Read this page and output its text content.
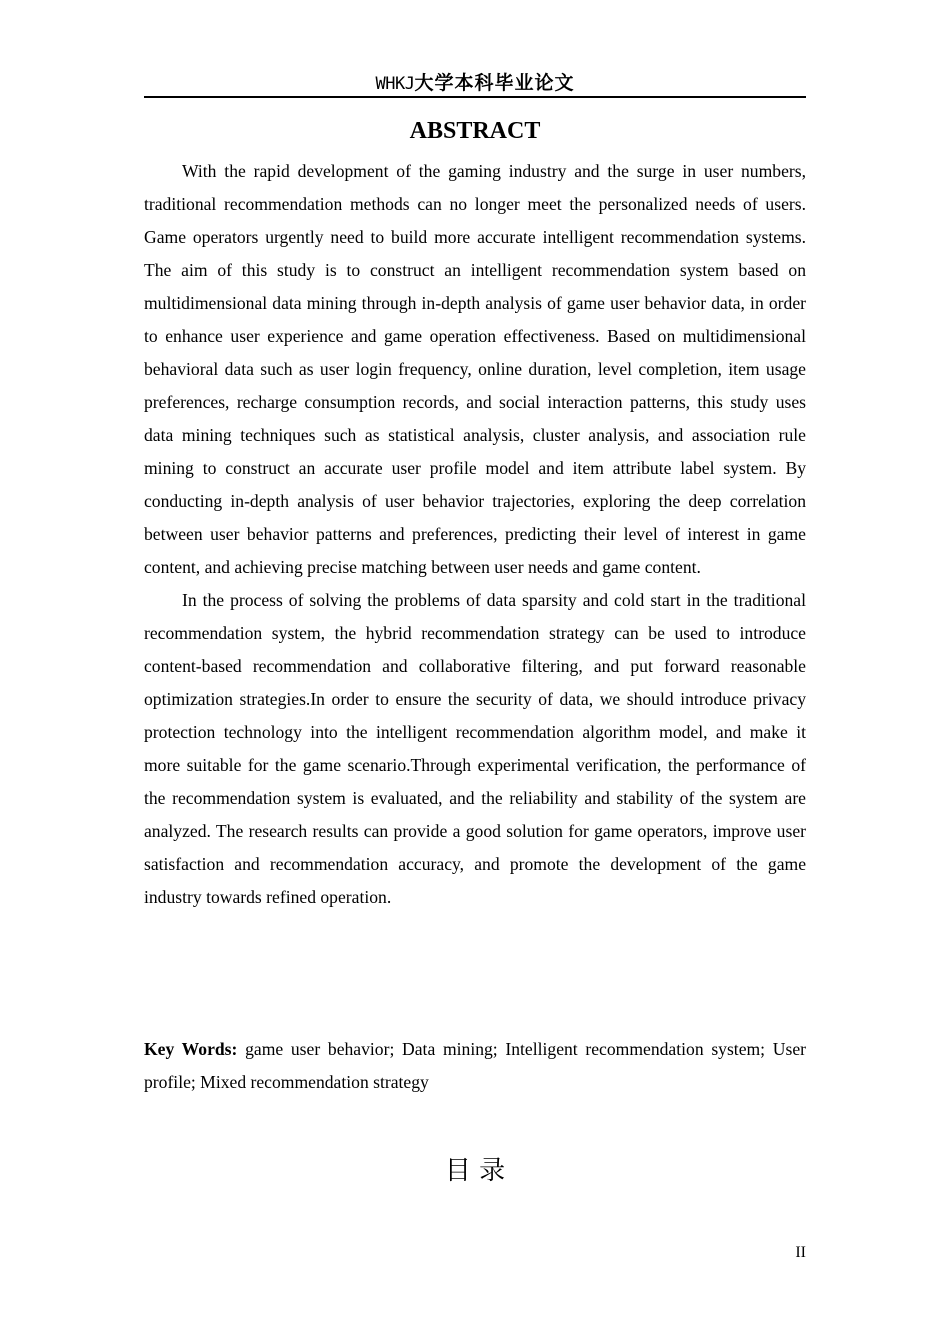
WHKJ大学本科毕业论文
ABSTRACT

With the rapid development of the gaming industry and the surge in user numbers, traditional recommendation methods can no longer meet the personalized needs of users. Game operators urgently need to build more accurate intelligent recommendation systems. The aim of this study is to construct an intelligent recommendation system based on multidimensional data mining through in-depth analysis of game user behavior data, in order to enhance user experience and game operation effectiveness. Based on multidimensional behavioral data such as user login frequency, online duration, level completion, item usage preferences, recharge consumption records, and social interaction patterns, this study uses data mining techniques such as statistical analysis, cluster analysis, and association rule mining to construct an accurate user profile model and item attribute label system. By conducting in-depth analysis of user behavior trajectories, exploring the deep correlation between user behavior patterns and preferences, predicting their level of interest in game content, and achieving precise matching between user needs and game content.

In the process of solving the problems of data sparsity and cold start in the traditional recommendation system, the hybrid recommendation strategy can be used to introduce content-based recommendation and collaborative filtering, and put forward reasonable optimization strategies.In order to ensure the security of data, we should introduce privacy protection technology into the intelligent recommendation algorithm model, and make it more suitable for the game scenario.Through experimental verification, the performance of the recommendation system is evaluated, and the reliability and stability of the system are analyzed. The research results can provide a good solution for game operators, improve user satisfaction and recommendation accuracy, and promote the development of the game industry towards refined operation.

Key Words: game user behavior; Data mining; Intelligent recommendation system; User profile; Mixed recommendation strategy
目 录
II
